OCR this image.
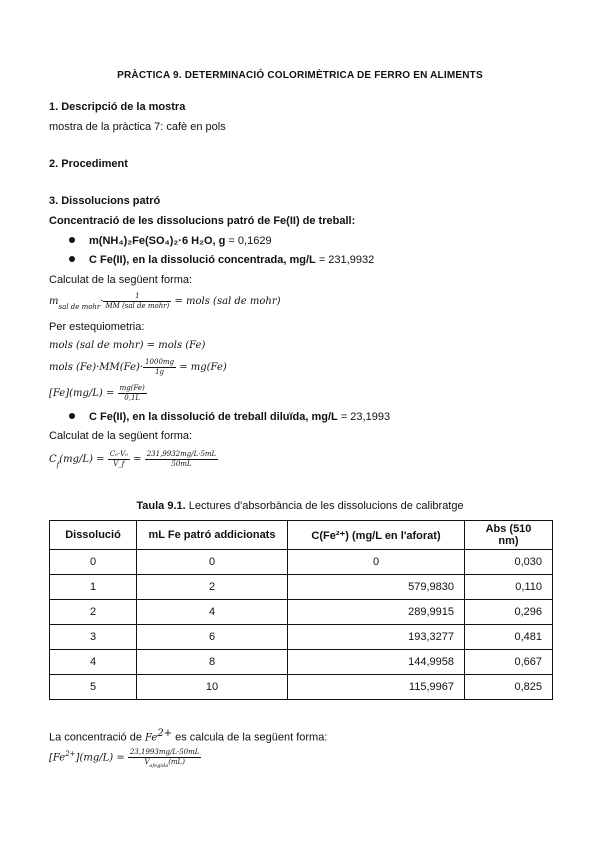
PRÀCTICA 9. DETERMINACIÓ COLORIMÈTRICA DE FERRO EN ALIMENTS
1. Descripció de la mostra
mostra de la pràctica 7: cafè en pols
2. Procediment
3. Dissolucions patró
Concentració de les dissolucions patró de Fe(II) de treball:
m(NH₄)₂Fe(SO₄)₂·6 H₂O, g = 0,1629
C Fe(II), en la dissolució concentrada, mg/L = 231,9932
Calculat de la següent forma:
$m_{sal de mohr}\cdot \frac{1}{\text{MM (sal de mohr)}}$ = mols (sal de mohr)
Per estequiometria:
mols (sal de mohr) = mols (Fe)
mols $(Fe)\cdot MM(Fe)\cdot \frac{1000mg}{1g} = mg(Fe)$
$[Fe](mg/L) = \frac{mg(Fe)}{0,1L}$
C Fe(II), en la dissolució de treball diluïda, mg/L = 23,1993
Calculat de la següent forma:
$C_f(mg/L) = \frac{\text{C₀·V₀}}{V\_f} = \frac{231,9932mg/L\cdot 5mL}{50mL}$
Taula 9.1. Lectures d'absorbància de les dissolucions de calibratge
Dissolució	mL Fe patró addicionats	C(Fe²⁺) (mg/L en l'aforat)	Abs (510 nm)
0	0	0	0,030
1	2	579,9830	0,110
2	4	289,9915	0,296
3	6	193,3277	0,481
4	8	144,9958	0,667
5	10	115,9967	0,825
La concentració de $Fe^{2+}$ es calcula de la següent forma:
$[Fe^{2+}](mg/L) = \frac{23,1993mg/L\cdot 50mL}{V_{afegida}(mL)}$
